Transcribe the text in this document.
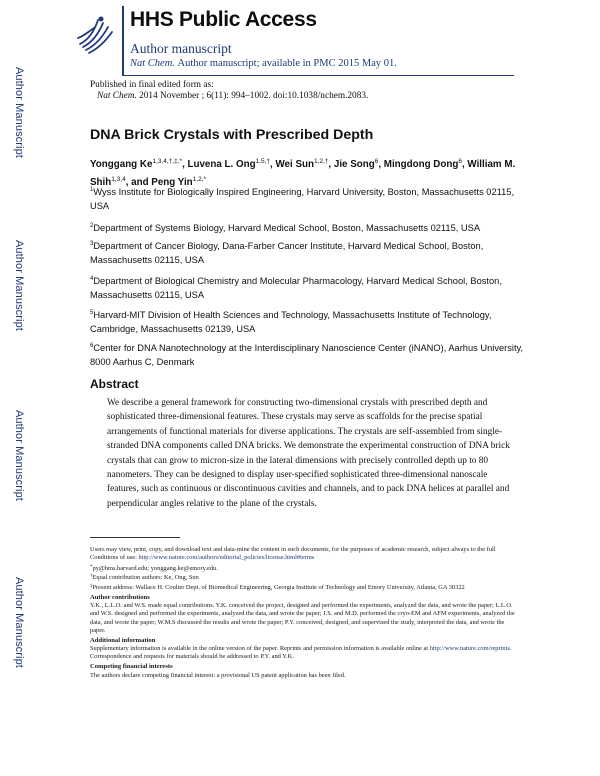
Author Manuscript
Author Manuscript
Author Manuscript
Author Manuscript
HHS Public Access
Author manuscript
Nat Chem. Author manuscript; available in PMC 2015 May 01.
Published in final edited form as:
Nat Chem. 2014 November ; 6(11): 994–1002. doi:10.1038/nchem.2083.
DNA Brick Crystals with Prescribed Depth
Yonggang $Ke^{1,3,4,\dagger,\ddagger,*}$, Luvena L. Ong$^{1,5,\dagger}$, Wei Sun$^{1,2,\dagger}$, Jie Song$^6$, Mingdong Dong$^6$, William M. Shih$^{1,3,4}$, and Peng Yin$^{1,2,*}$
$^1$Wyss Institute for Biologically Inspired Engineering, Harvard University, Boston, Massachusetts 02115, USA
$^2$Department of Systems Biology, Harvard Medical School, Boston, Massachusetts 02115, USA
$^3$Department of Cancer Biology, Dana-Farber Cancer Institute, Harvard Medical School, Boston, Massachusetts 02115, USA
$^4$Department of Biological Chemistry and Molecular Pharmacology, Harvard Medical School, Boston, Massachusetts 02115, USA
$^5$Harvard-MIT Division of Health Sciences and Technology, Massachusetts Institute of Technology, Cambridge, Massachusetts 02139, USA
$^6$Center for DNA Nanotechnology at the Interdisciplinary Nanoscience Center (iNANO), Aarhus University, 8000 Aarhus C, Denmark
Abstract
We describe a general framework for constructing two-dimensional crystals with prescribed depth and sophisticated three-dimensional features. These crystals may serve as scaffolds for the precise spatial arrangements of functional materials for diverse applications. The crystals are self-assembled from single-stranded DNA components called DNA bricks. We demonstrate the experimental construction of DNA brick crystals that can grow to micron-size in the lateral dimensions with precisely controlled depth up to 80 nanometers. They can be designed to display user-specified sophisticated three-dimensional nanoscale features, such as continuous or discontinuous cavities and channels, and to pack DNA helices at parallel and perpendicular angles relative to the plane of the crystals.
Users may view, print, copy, and download text and data-mine the content in such documents, for the purposes of academic research, subject always to the full Conditions of use: http://www.nature.com/authors/editorial_policies/license.html#terms
*py@hms.harvard.edu; yonggang.ke@emory.edu.
†Equal contribution authors: Ke, Ong, Sun
‡Present address: Wallace H. Coulter Dept. of Biomedical Engineering, Georgia Institute of Technology and Emory University, Atlanta, GA 30322
Author contributions
Y.K., L.L.O. and W.S. made equal contributions. Y.K. conceived the project, designed and performed the experiments, analyzed the data, and wrote the paper; L.L.O. and W.S. designed and performed the experiments, analyzed the data, and wrote the paper; J.S. and M.D. performed the cryo-EM and AFM experiments, analyzed the data, and wrote the paper; W.M.S discussed the results and wrote the paper; P.Y. conceived, designed, and supervised the study, interpreted the data, and wrote the paper.
Additional information
Supplementary information is available in the online version of the paper. Reprints and permission information is available online at http://www.nature.com/reprints. Correspondence and requests for materials should be addressed to P.Y. and Y.K.
Competing financial interests
The authors declare competing financial interest: a provisional US patent application has been filed.
